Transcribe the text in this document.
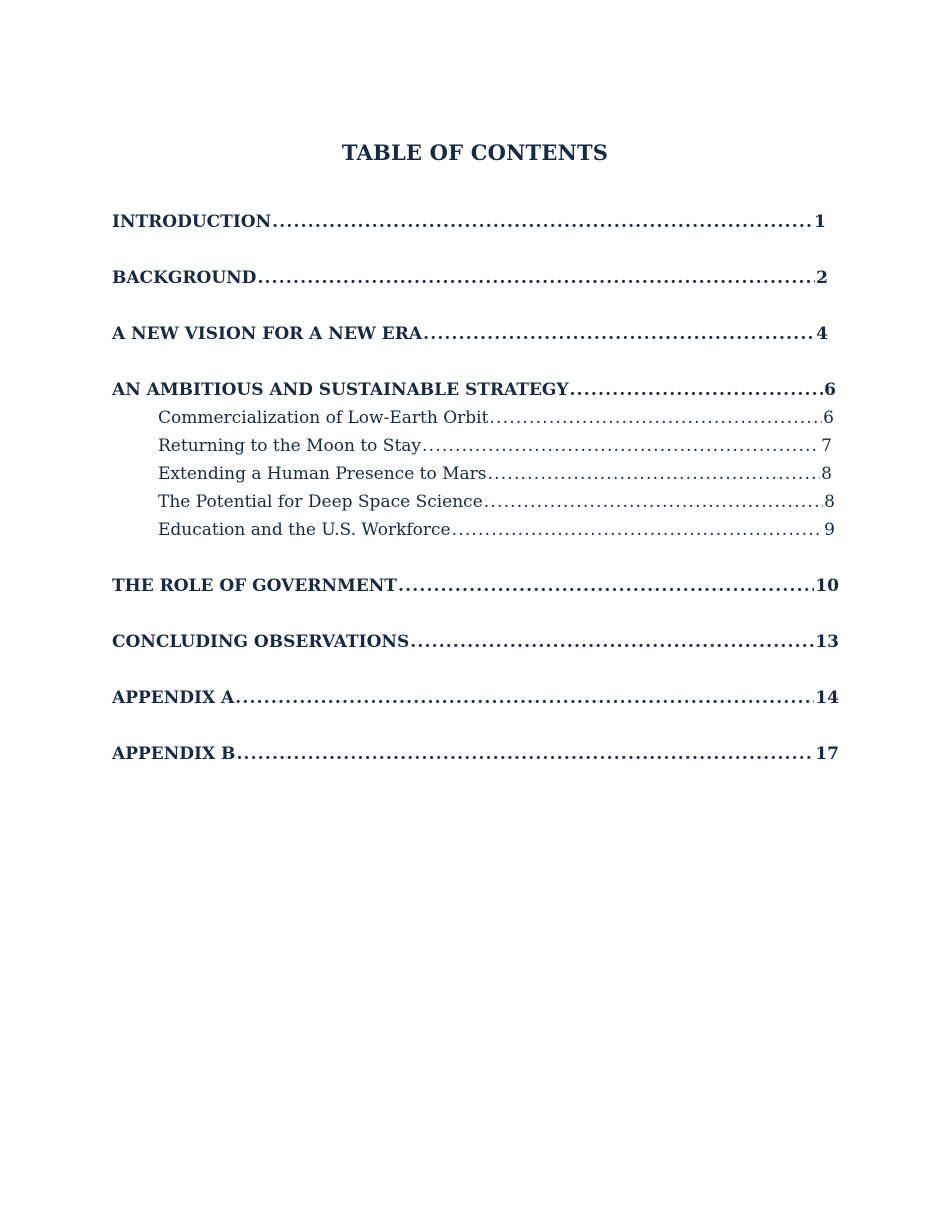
TABLE OF CONTENTS
INTRODUCTION .....	1
BACKGROUND .....	2
A NEW VISION FOR A NEW ERA .....	4
AN AMBITIOUS AND SUSTAINABLE STRATEGY .....	6
Commercialization of Low-Earth Orbit .....	6
Returning to the Moon to Stay .....	7
Extending a Human Presence to Mars .....	8
The Potential for Deep Space Science .....	8
Education and the U.S. Workforce .....	9
THE ROLE OF GOVERNMENT .....	10
CONCLUDING OBSERVATIONS .....	13
APPENDIX A .....	14
APPENDIX B .....	17
